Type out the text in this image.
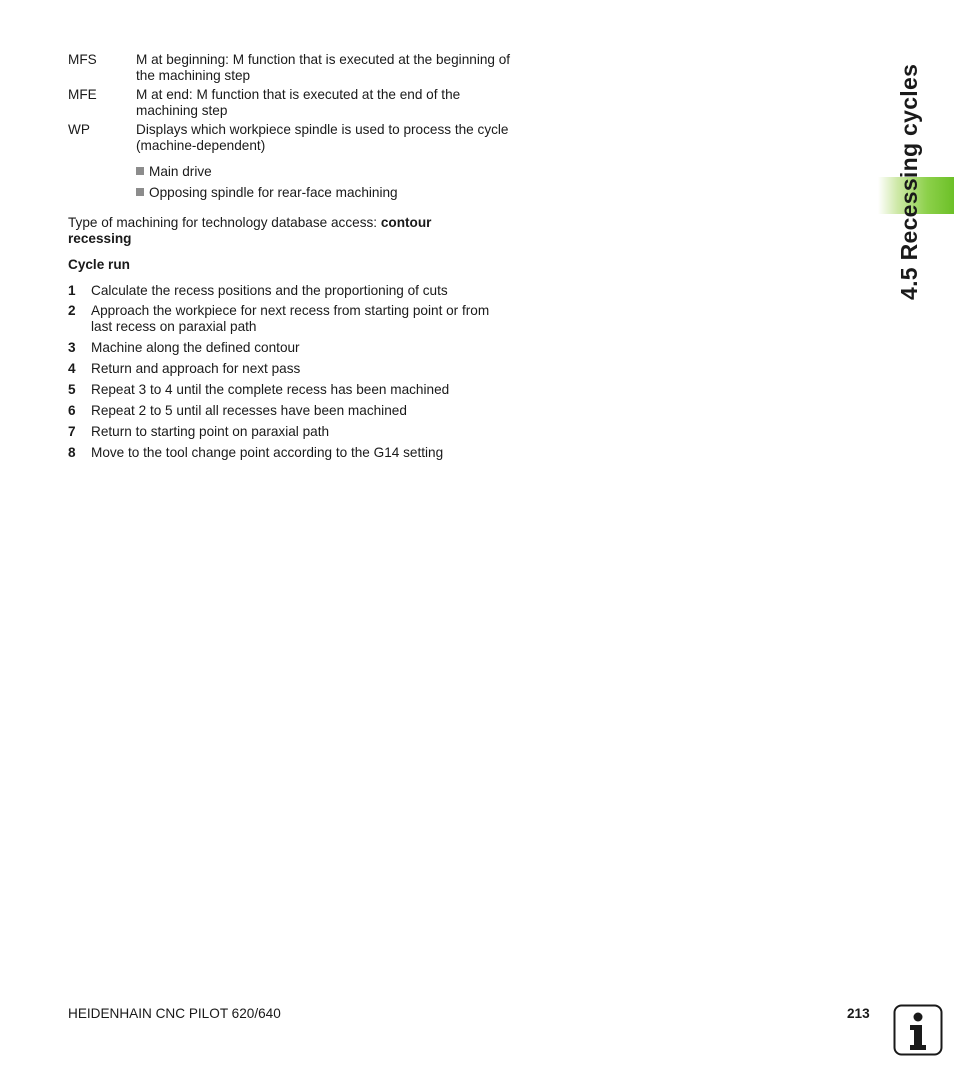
MFS	M at beginning: M function that is executed at the beginning of the machining step
MFE	M at end: M function that is executed at the end of the machining step
WP	Displays which workpiece spindle is used to process the cycle (machine-dependent)
Main drive
Opposing spindle for rear-face machining
Type of machining for technology database access: contour recessing
Cycle run
1 Calculate the recess positions and the proportioning of cuts
2 Approach the workpiece for next recess from starting point or from last recess on paraxial path
3 Machine along the defined contour
4 Return and approach for next pass
5 Repeat 3 to 4 until the complete recess has been machined
6 Repeat 2 to 5 until all recesses have been machined
7 Return to starting point on paraxial path
8 Move to the tool change point according to the G14 setting
4.5 Recessing cycles
HEIDENHAIN CNC PILOT 620/640	213
